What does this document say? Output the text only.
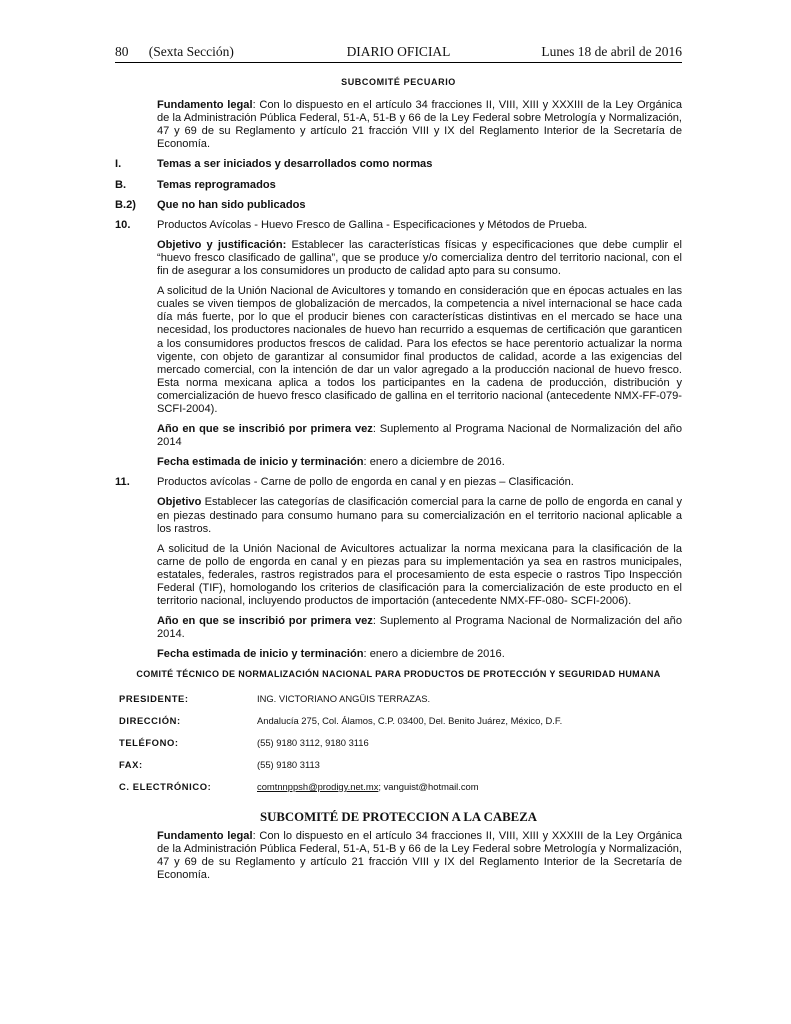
80      (Sexta Sección)	DIARIO OFICIAL	Lunes 18 de abril de 2016
SUBCOMITÉ PECUARIO

Fundamento legal: Con lo dispuesto en el artículo 34 fracciones II, VIII, XIII y XXXIII de la Ley Orgánica de la Administración Pública Federal, 51-A, 51-B y 66 de la Ley Federal sobre Metrología y Normalización, 47 y 69 de su Reglamento y artículo 21 fracción VIII y IX del Reglamento Interior de la Secretaría de Economía.

I.	Temas a ser iniciados y desarrollados como normas
B.	Temas reprogramados
B.2)	Que no han sido publicados
10.	Productos Avícolas - Huevo Fresco de Gallina - Especificaciones y Métodos de Prueba.

Objetivo y justificación: Establecer las características físicas y especificaciones que debe cumplir el “huevo fresco clasificado de gallina”, que se produce y/o comercializa dentro del territorio nacional, con el fin de asegurar a los consumidores un producto de calidad apto para su consumo.

A solicitud de la Unión Nacional de Avicultores y tomando en consideración que en épocas actuales en las cuales se viven tiempos de globalización de mercados, la competencia a nivel internacional se hace cada día más fuerte, por lo que el producir bienes con características distintivas en el mercado se hace una necesidad, los productores nacionales de huevo han recurrido a esquemas de certificación que garanticen a los consumidores productos frescos de calidad. Para los efectos se hace perentorio actualizar la norma vigente, con objeto de garantizar al consumidor final productos de calidad, acorde a las exigencias del mercado comercial, con la intención de dar un valor agregado a la producción nacional de huevo fresco. Esta norma mexicana aplica a todos los participantes en la cadena de producción, distribución y comercialización de huevo fresco clasificado de gallina en el territorio nacional (antecedente NMX-FF-079-SCFI-2004).

Año en que se inscribió por primera vez: Suplemento al Programa Nacional de Normalización del año 2014

Fecha estimada de inicio y terminación: enero a diciembre de 2016.

11.	Productos avícolas - Carne de pollo de engorda en canal y en piezas – Clasificación.

Objetivo Establecer las categorías de clasificación comercial para la carne de pollo de engorda en canal y en piezas destinado para consumo humano para su comercialización en el territorio nacional aplicable a los rastros.

A solicitud de la Unión Nacional de Avicultores actualizar la norma mexicana para la clasificación de la carne de pollo de engorda en canal y en piezas para su implementación ya sea en rastros municipales, estatales, federales, rastros registrados para el procesamiento de esta especie o rastros Tipo Inspección Federal (TIF), homologando los criterios de clasificación para la comercialización de este producto en el territorio nacional, incluyendo productos de importación (antecedente NMX-FF-080- SCFI-2006).

Año en que se inscribió por primera vez: Suplemento al Programa Nacional de Normalización del año 2014.

Fecha estimada de inicio y terminación: enero a diciembre de 2016.

COMITÉ TÉCNICO DE NORMALIZACIÓN NACIONAL PARA PRODUCTOS DE PROTECCIÓN Y SEGURIDAD HUMANA
PRESIDENTE:	ING. VICTORIANO ANGÜIS TERRAZAS.
DIRECCIÓN:	Andalucía 275, Col. Álamos, C.P. 03400, Del. Benito Juárez, México, D.F.
TELÉFONO:	(55) 9180 3112, 9180 3116
FAX:	(55) 9180 3113
C. ELECTRÓNICO:	comtnnppsh@prodigy.net.mx; vanguist@hotmail.com
SUBCOMITÉ DE PROTECCION A LA CABEZA

Fundamento legal: Con lo dispuesto en el artículo 34 fracciones II, VIII, XIII y XXXIII de la Ley Orgánica de la Administración Pública Federal, 51-A, 51-B y 66 de la Ley Federal sobre Metrología y Normalización, 47 y 69 de su Reglamento y artículo 21 fracción VIII y IX del Reglamento Interior de la Secretaría de Economía.
